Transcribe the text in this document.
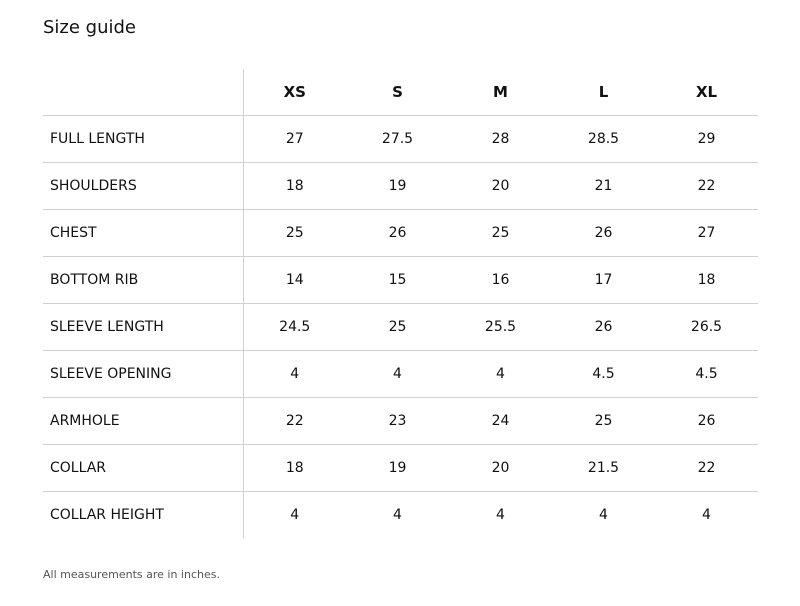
Size guide
	XS	S	M	L	XL
FULL LENGTH	27	27.5	28	28.5	29
SHOULDERS	18	19	20	21	22
CHEST	25	26	25	26	27
BOTTOM RIB	14	15	16	17	18
SLEEVE LENGTH	24.5	25	25.5	26	26.5
SLEEVE OPENING	4	4	4	4.5	4.5
ARMHOLE	22	23	24	25	26
COLLAR	18	19	20	21.5	22
COLLAR HEIGHT	4	4	4	4	4
All measurements are in inches.
